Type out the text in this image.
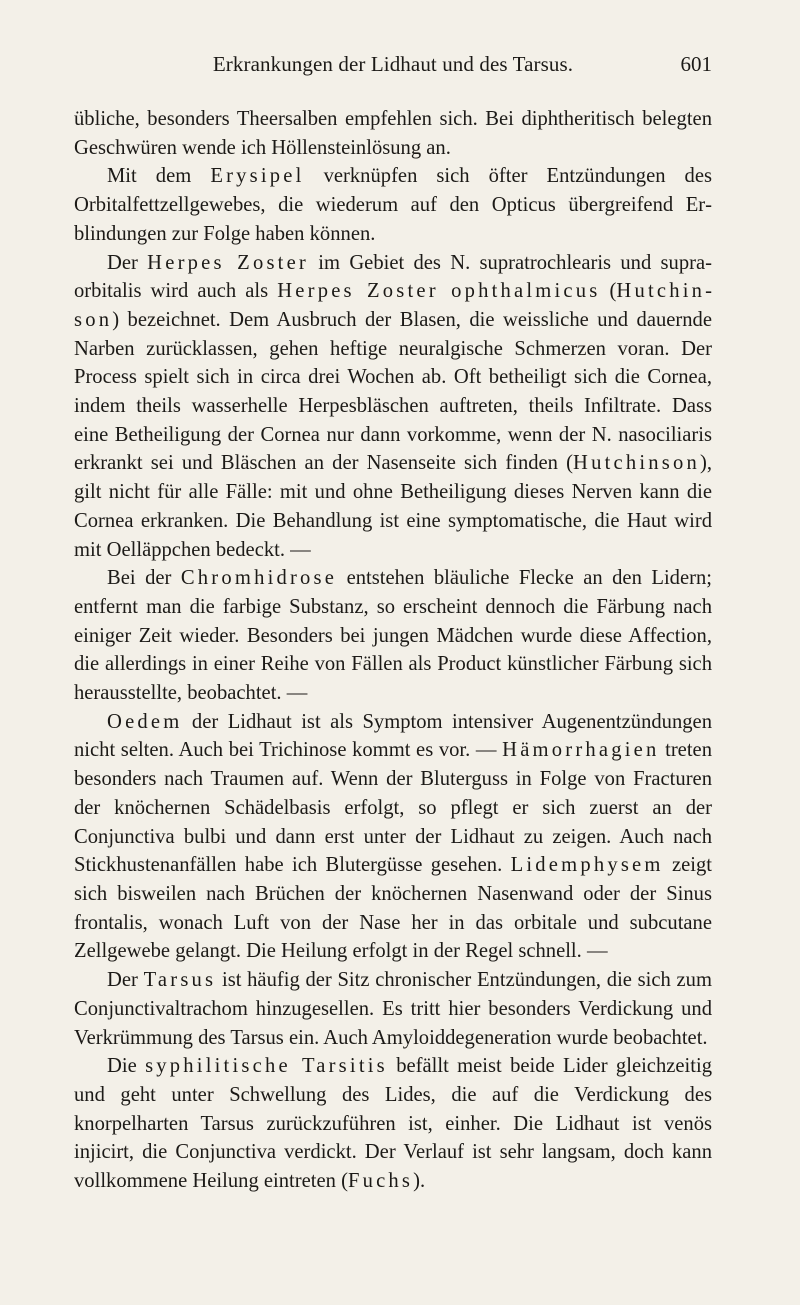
Erkrankungen der Lidhaut und des Tarsus.	601

übliche, besonders Theersalben empfehlen sich. Bei diphtheritisch belegten Geschwüren wende ich Höllensteinlösung an.

Mit dem Erysipel verknüpfen sich öfter Entzündungen des Orbitalfettzellgewebes, die wiederum auf den Opticus übergreifend Erblindungen zur Folge haben können.

Der Herpes Zoster im Gebiet des N. supratrochlearis und supraorbitalis wird auch als Herpes Zoster ophthalmicus (Hutchinson) bezeichnet. Dem Ausbruch der Blasen, die weissliche und dauernde Narben zurücklassen, gehen heftige neuralgische Schmerzen voran. Der Process spielt sich in circa drei Wochen ab. Oft betheiligt sich die Cornea, indem theils wasserhelle Herpesbläschen auftreten, theils Infiltrate. Dass eine Betheiligung der Cornea nur dann vorkomme, wenn der N. nasociliaris erkrankt sei und Bläschen an der Nasenseite sich finden (Hutchinson), gilt nicht für alle Fälle: mit und ohne Betheiligung dieses Nerven kann die Cornea erkranken. Die Behandlung ist eine symptomatische, die Haut wird mit Oelläppchen bedeckt. —

Bei der Chromhidrose entstehen bläuliche Flecke an den Lidern; entfernt man die farbige Substanz, so erscheint dennoch die Färbung nach einiger Zeit wieder. Besonders bei jungen Mädchen wurde diese Affection, die allerdings in einer Reihe von Fällen als Product künstlicher Färbung sich herausstellte, beobachtet. —

Oedem der Lidhaut ist als Symptom intensiver Augenentzündungen nicht selten. Auch bei Trichinose kommt es vor. — Hämorrhagien treten besonders nach Traumen auf. Wenn der Bluterguss in Folge von Fracturen der knöchernen Schädelbasis erfolgt, so pflegt er sich zuerst an der Conjunctiva bulbi und dann erst unter der Lidhaut zu zeigen. Auch nach Stickhustenanfällen habe ich Blutergüsse gesehen. Lidemphysem zeigt sich bisweilen nach Brüchen der knöchernen Nasenwand oder der Sinus frontalis, wonach Luft von der Nase her in das orbitale und subcutane Zellgewebe gelangt. Die Heilung erfolgt in der Regel schnell. —

Der Tarsus ist häufig der Sitz chronischer Entzündungen, die sich zum Conjunctivaltrachom hinzugesellen. Es tritt hier besonders Verdickung und Verkrümmung des Tarsus ein. Auch Amyloiddegeneration wurde beobachtet.

Die syphilitische Tarsitis befällt meist beide Lider gleichzeitig und geht unter Schwellung des Lides, die auf die Verdickung des knorpelharten Tarsus zurückzuführen ist, einher. Die Lidhaut ist venös injicirt, die Conjunctiva verdickt. Der Verlauf ist sehr langsam, doch kann vollkommene Heilung eintreten (Fuchs).
